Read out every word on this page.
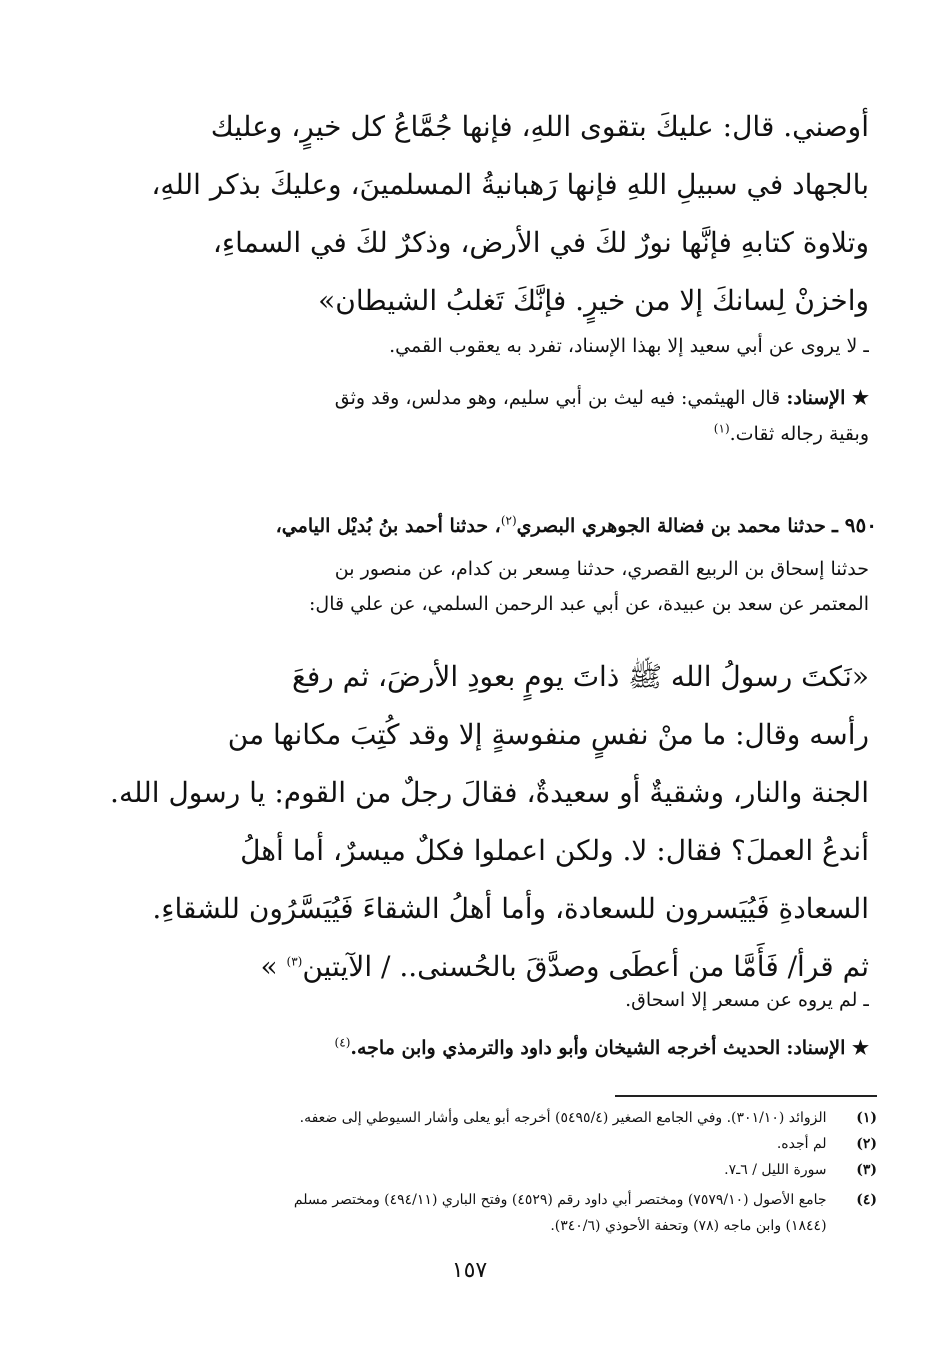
أوصني. قال: عليكَ بتقوى اللهِ، فإنها جُمَّاعُ كل خيرٍ، وعليك
بالجهاد في سبيلِ اللهِ فإنها رَهبانيةُ المسلمينَ، وعليكَ بذكر اللهِ،
وتلاوة كتابهِ فإنَّها نورٌ لكَ في الأرض، وذكرٌ لكَ في السماءِ،
واخزنْ لِسانكَ إلا من خيرٍ. فإنَّكَ تَغلبُ الشيطان»
ـ لا يروى عن أبي سعيد إلا بهذا الإسناد، تفرد به يعقوب القمي.
★ الإسناد: قال الهيثمي: فيه ليث بن أبي سليم، وهو مدلس، وقد وثق
وبقية رجاله ثقات.$^{(١)}$
٩٥٠ ـ حدثنا محمد بن فضالة الجوهري البصري$^{(٢)}$، حدثنا أحمد بنُ بُديْل اليامي،
حدثنا إسحاق بن الربيع القصري، حدثنا مِسعر بن كدام، عن منصور بن
المعتمر عن سعد بن عبيدة، عن أبي عبد الرحمن السلمي، عن علي قال:
«نَكتَ رسولُ الله ﷺ ذاتَ يومٍ بعودِ الأرضَ، ثم رفعَ
رأسه وقال: ما منْ نفسٍ منفوسةٍ إلا وقد كُتِبَ مكانها من
الجنة والنار، وشقيةٌ أو سعيدةٌ، فقالَ رجلٌ من القوم: يا رسول الله.
أندعُ العملَ؟ فقال: لا. ولكن اعملوا فكلٌ ميسرٌ، أما أهلُ
السعادةِ فَيُيَسرون للسعادة، وأما أهلُ الشقاءَ فَيُيَسَّرُون للشقاءِ.
ثم قرأ/ فَأَمَّا من أعطَى وصدَّقَ بالحُسنى.. / الآيتين$^{(٣)}$ »
ـ لم يروه عن مسعر إلا اسحاق.
★ الإسناد: الحديث أخرجه الشيخان وأبو داود والترمذي وابن ماجه.$^{(٤)}$
(١) الزوائد (٣٠١/١٠). وفي الجامع الصغير (٥٤٩٥/٤) أخرجه أبو يعلى وأشار السيوطي إلى ضعفه.
(٢) لم أجده.
(٣) سورة الليل / ٦ـ٧.
(٤) جامع الأصول (٧٥٧٩/١٠) ومختصر أبي داود رقم (٤٥٢٩) وفتح الباري (٤٩٤/١١) ومختصر مسلم
(١٨٤٤) وابن ماجه (٧٨) وتحفة الأحوذي (٣٤٠/٦).
١٥٧
